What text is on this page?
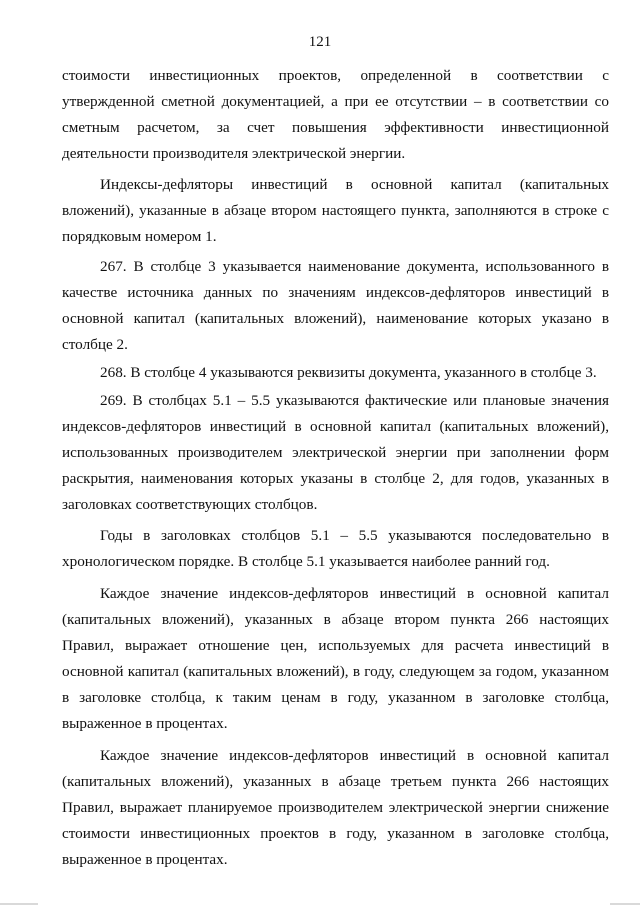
121

стоимости инвестиционных проектов, определенной в соответствии с утвержденной сметной документацией, а при ее отсутствии – в соответствии со сметным расчетом, за счет повышения эффективности инвестиционной деятельности производителя электрической энергии.

Индексы-дефляторы инвестиций в основной капитал (капитальных вложений), указанные в абзаце втором настоящего пункта, заполняются в строке с порядковым номером 1.

267. В столбце 3 указывается наименование документа, использованного в качестве источника данных по значениям индексов-дефляторов инвестиций в основной капитал (капитальных вложений), наименование которых указано в столбце 2.

268. В столбце 4 указываются реквизиты документа, указанного в столбце 3.

269. В столбцах 5.1 – 5.5 указываются фактические или плановые значения индексов-дефляторов инвестиций в основной капитал (капитальных вложений), использованных производителем электрической энергии при заполнении форм раскрытия, наименования которых указаны в столбце 2, для годов, указанных в заголовках соответствующих столбцов.

Годы в заголовках столбцов 5.1 – 5.5 указываются последовательно в хронологическом порядке. В столбце 5.1 указывается наиболее ранний год.

Каждое значение индексов-дефляторов инвестиций в основной капитал (капитальных вложений), указанных в абзаце втором пункта 266 настоящих Правил, выражает отношение цен, используемых для расчета инвестиций в основной капитал (капитальных вложений), в году, следующем за годом, указанном в заголовке столбца, к таким ценам в году, указанном в заголовке столбца, выраженное в процентах.

Каждое значение индексов-дефляторов инвестиций в основной капитал (капитальных вложений), указанных в абзаце третьем пункта 266 настоящих Правил, выражает планируемое производителем электрической энергии снижение стоимости инвестиционных проектов в году, указанном в заголовке столбца, выраженное в процентах.
